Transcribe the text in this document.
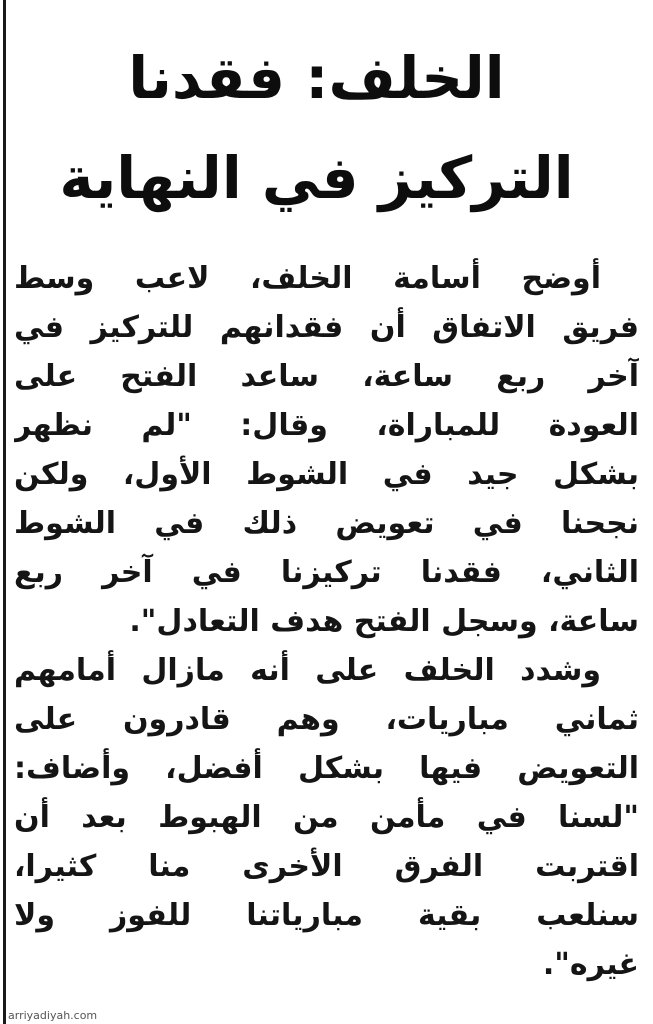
الخلف: فقدنا
التركيز في النهاية
أوضح أسامة الخلف، لاعب وسط
فريق الاتفاق أن فقدانهم للتركيز في
آخر ربع ساعة، ساعد الفتح على
العودة للمباراة، وقال: "لم نظهر
بشكل جيد في الشوط الأول، ولكن
نجحنا في تعويض ذلك في الشوط
الثاني، فقدنا تركيزنا في آخر ربع
ساعة، وسجل الفتح هدف التعادل".
وشدد الخلف على أنه مازال أمامهم
ثماني مباريات، وهم قادرون على
التعويض فيها بشكل أفضل، وأضاف:
"لسنا في مأمن من الهبوط بعد أن
اقتربت الفرق الأخرى منا كثيرا،
سنلعب بقية مبارياتنا للفوز ولا
غيره".
arriyadiyah.com
